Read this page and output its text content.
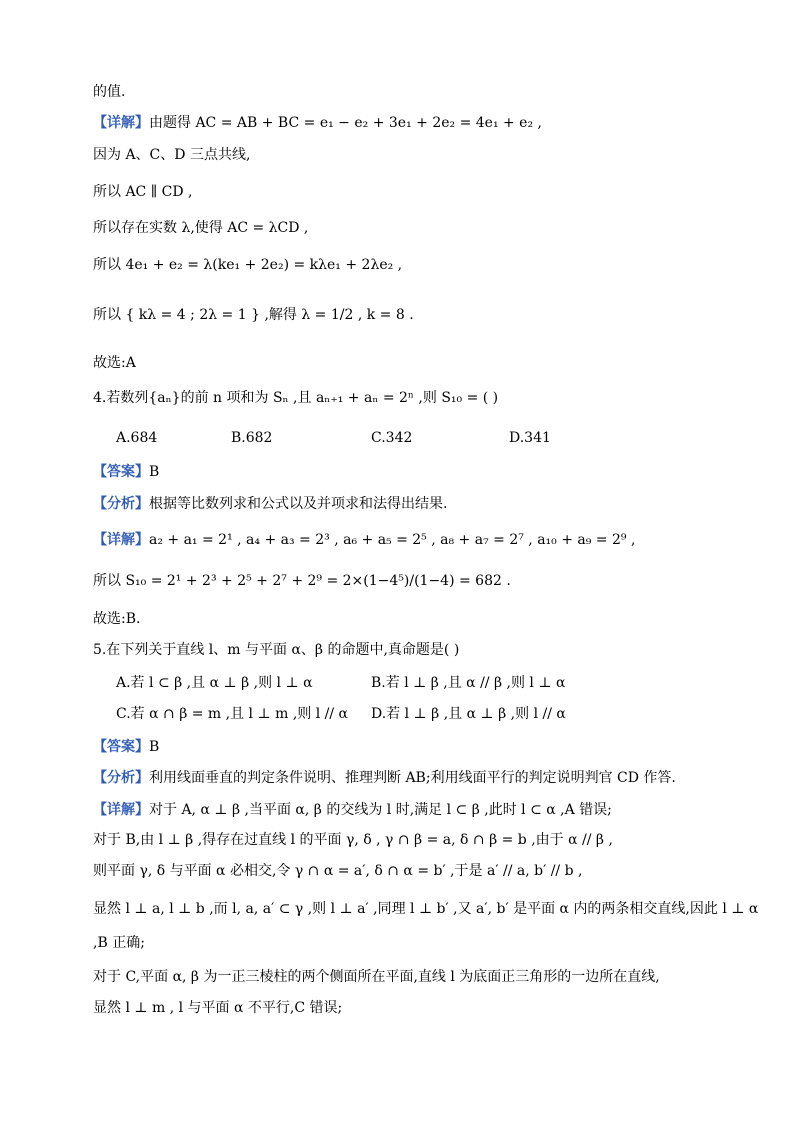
的值.
【详解】由题得 AC = AB + BC = e₁ − e₂ + 3e₁ + 2e₂ = 4e₁ + e₂ ,
因为 A、C、D 三点共线,
所以 AC ∥ CD ,
所以存在实数 λ,使得 AC = λCD ,
所以 4e₁ + e₂ = λ(ke₁ + 2e₂) = kλe₁ + 2λe₂ ,
所以 { kλ = 4 ; 2λ = 1 } ,解得 λ = 1/2 , k = 8 .
故选:A
4.若数列{aₙ}的前 n 项和为 Sₙ ,且 aₙ₊₁ + aₙ = 2ⁿ ,则 S₁₀ = ( )
A.684	B.682	C.342	D.341
【答案】B
【分析】根据等比数列求和公式以及并项求和法得出结果.
【详解】a₂ + a₁ = 2¹ , a₄ + a₃ = 2³ , a₆ + a₅ = 2⁵ , a₈ + a₇ = 2⁷ , a₁₀ + a₉ = 2⁹ ,
所以 S₁₀ = 2¹ + 2³ + 2⁵ + 2⁷ + 2⁹ = 2×(1−4⁵)/(1−4) = 682 .
故选:B.
5.在下列关于直线 l、m 与平面 α、β 的命题中,真命题是( )
A.若 l ⊂ β ,且 α ⊥ β ,则 l ⊥ α	B.若 l ⊥ β ,且 α // β ,则 l ⊥ α
C.若 α ∩ β = m ,且 l ⊥ m ,则 l // α D.若 l ⊥ β ,且 α ⊥ β ,则 l // α
【答案】B
【分析】利用线面垂直的判定条件说明、推理判断 AB;利用线面平行的判定说明判官 CD 作答.
【详解】对于 A, α ⊥ β ,当平面 α, β 的交线为 l 时,满足 l ⊂ β ,此时 l ⊂ α ,A 错误;
对于 B,由 l ⊥ β ,得存在过直线 l 的平面 γ, δ , γ ∩ β = a, δ ∩ β = b ,由于 α // β ,
则平面 γ, δ 与平面 α 必相交,令 γ ∩ α = a′, δ ∩ α = b′ ,于是 a′ // a, b′ // b ,
显然 l ⊥ a, l ⊥ b ,而 l, a, a′ ⊂ γ ,则 l ⊥ a′ ,同理 l ⊥ b′ ,又 a′, b′ 是平面 α 内的两条相交直线,因此 l ⊥ α
,B 正确;
对于 C,平面 α, β 为一正三棱柱的两个侧面所在平面,直线 l 为底面正三角形的一边所在直线,
显然 l ⊥ m , l 与平面 α 不平行,C 错误;
